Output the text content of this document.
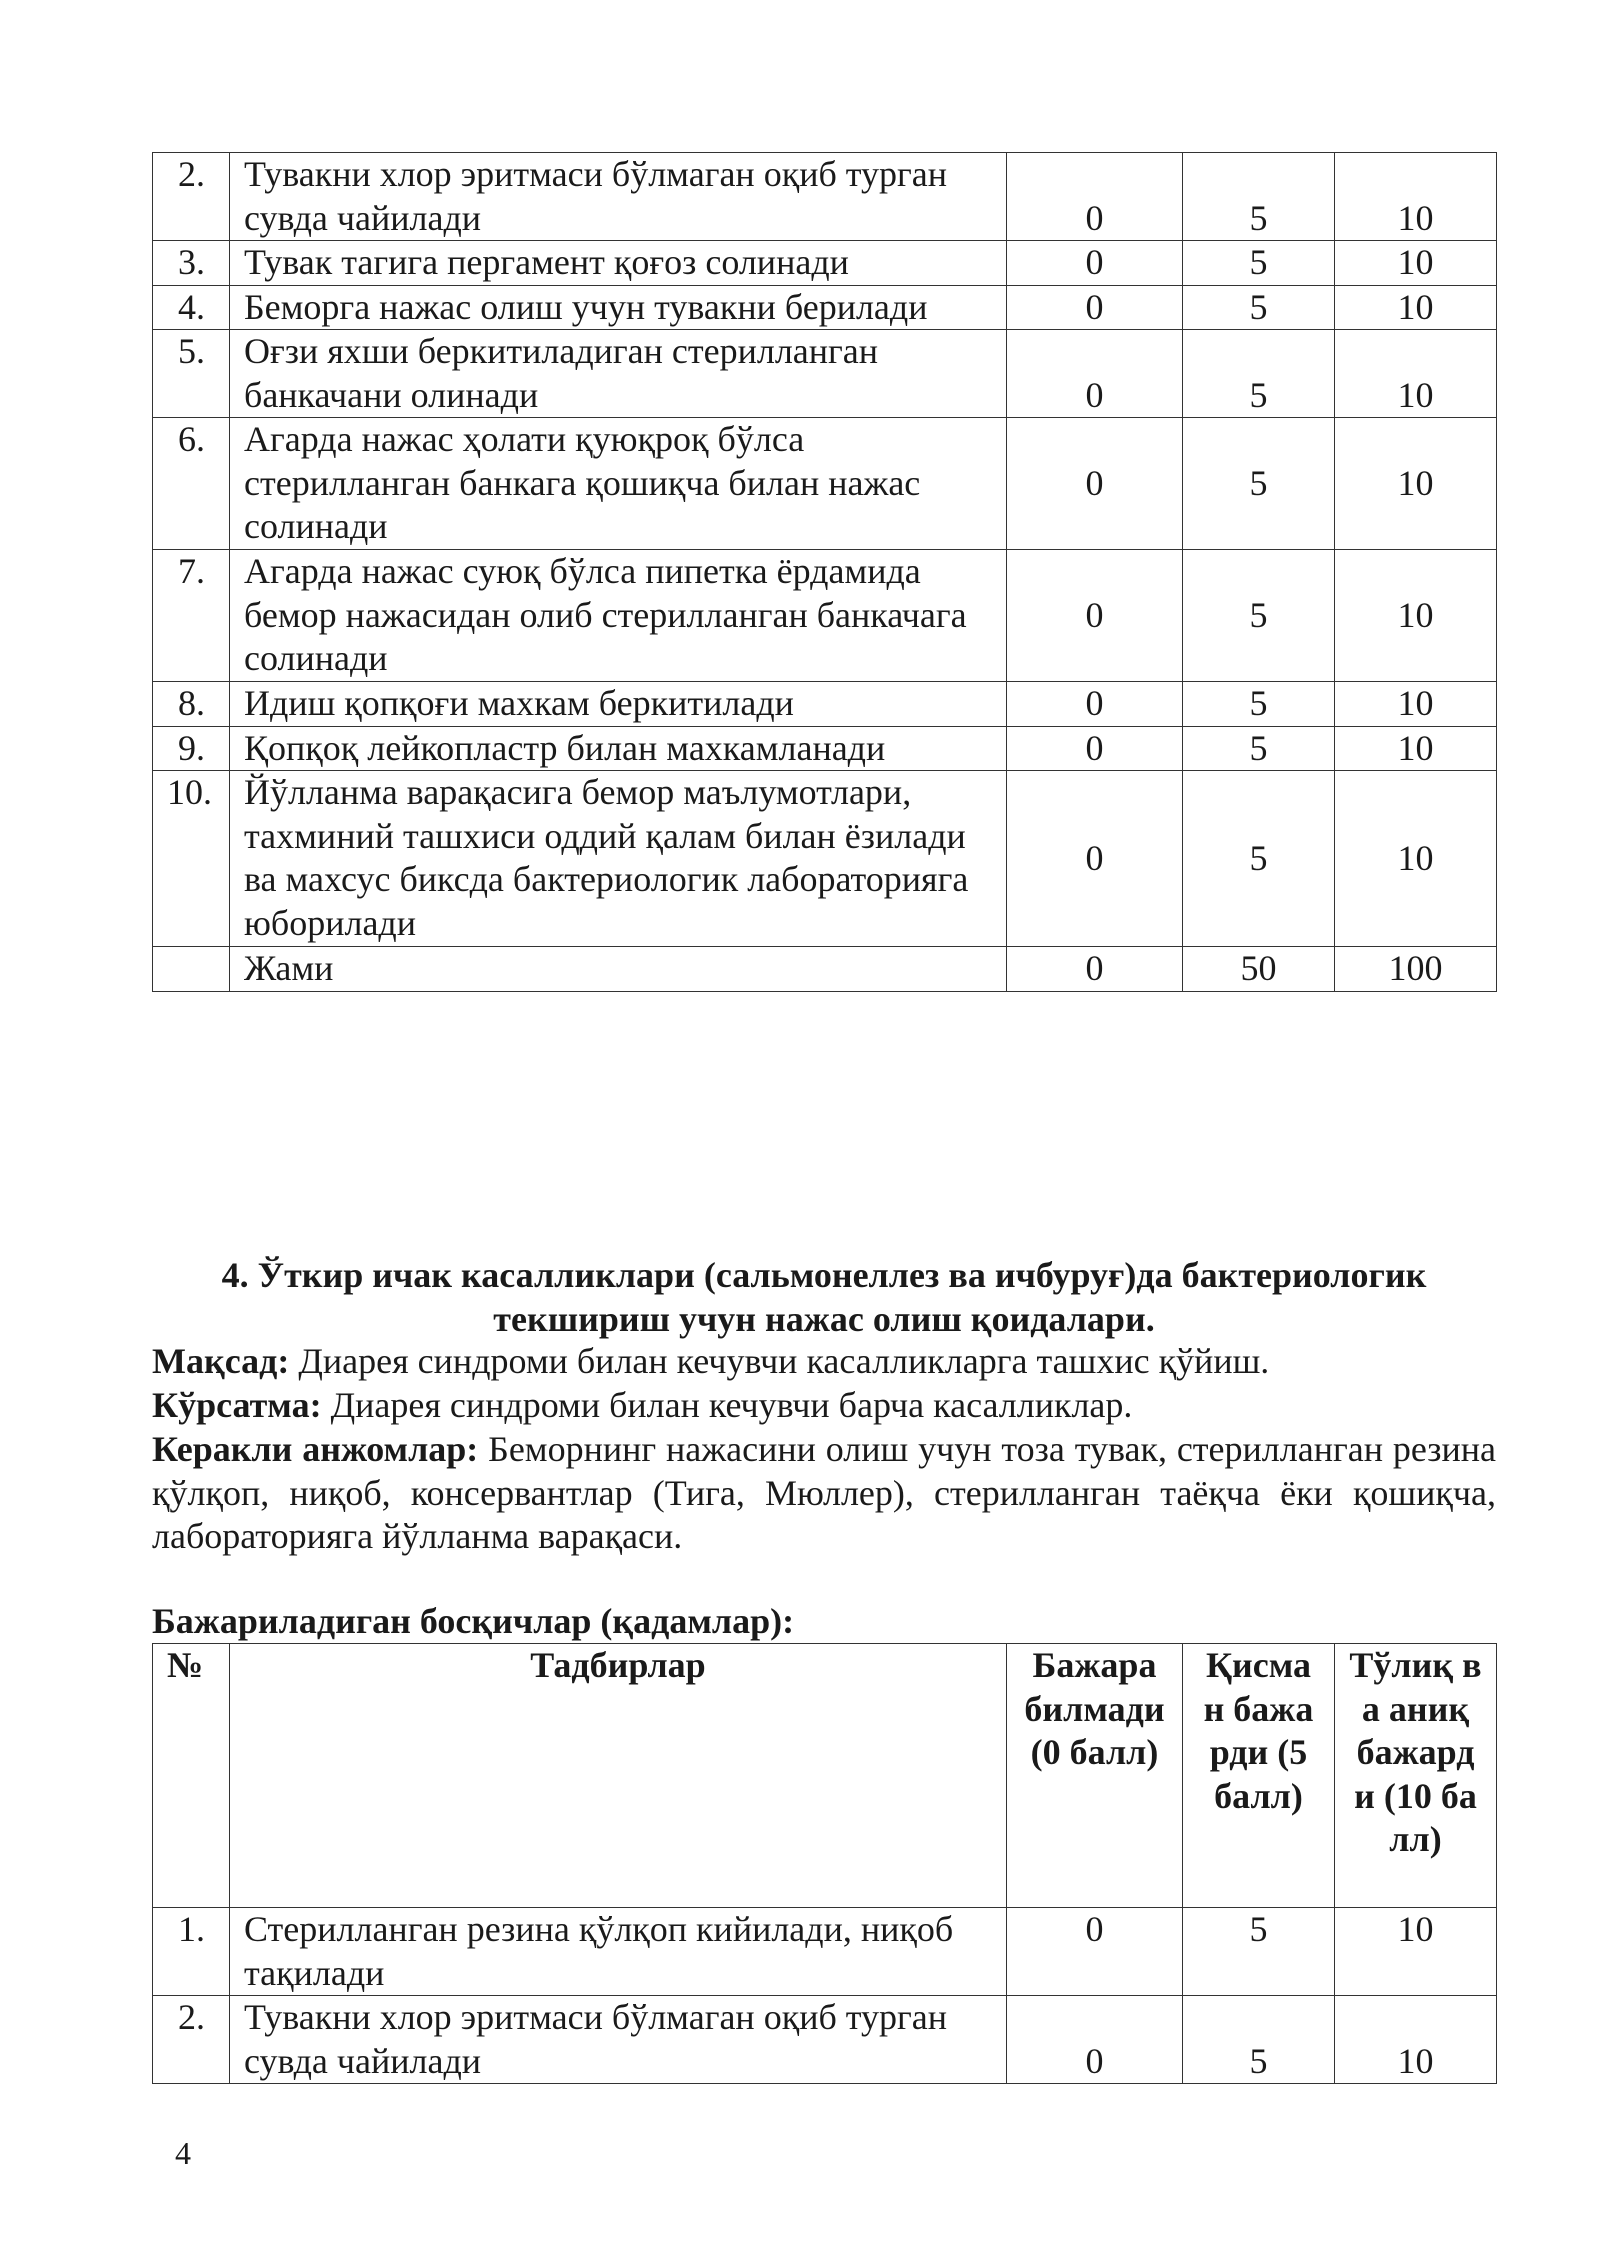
2.	Тувакни хлор эритмаси бўлмаган оқиб турган сувда чайилади	0	5	10
3.	Тувак тагига пергамент қоғоз солинади	0	5	10
4.	Беморга нажас олиш учун тувакни берилади	0	5	10
5.	Оғзи яхши беркитиладиган стерилланган банкачани олинади	0	5	10
6.	Агарда нажас ҳолати қуюқроқ бўлса стерилланган банкага қошиқча билан нажас солинади	0	5	10
7.	Агарда нажас суюқ бўлса пипетка ёрдамида бемор нажасидан олиб стерилланган банкачага солинади	0	5	10
8.	Идиш қопқоғи махкам беркитилади	0	5	10
9.	Қопқоқ лейкопластр билан махкамланади	0	5	10
10.	Йўлланма варақасига бемор маълумотлари, тахминий ташхиси оддий қалам билан ёзилади ва махсус биксда бактериологик лабораторияга юборилади	0	5	10
	Жами	0	50	100
4. Ўткир ичак касалликлари (сальмонеллез ва ичбуруғ)да бактериологик
текшириш учун нажас олиш қоидалари.
Мақсад: Диарея синдроми билан кечувчи касалликларга ташхис қўйиш.
Кўрсатма: Диарея синдроми билан кечувчи барча касалликлар.
Керакли анжомлар: Беморнинг нажасини олиш учун тоза тувак, стерилланган резина қўлқоп, ниқоб, консервантлар (Тига, Мюллер), стерилланган таёқча ёки қошиқча, лабораторияга йўлланма варақаси.
Бажариладиган босқичлар (қадамлар):
№	Тадбирлар	Бажара билмади (0 балл)	Қисман бажарди (5 балл)	Тўлиқ ва аниқ бажарди (10 балл)
1.	Стерилланган резина қўлқоп кийилади, ниқоб тақилади	0	5	10
2.	Тувакни хлор эритмаси бўлмаган оқиб турган сувда чайилади	0	5	10
4
